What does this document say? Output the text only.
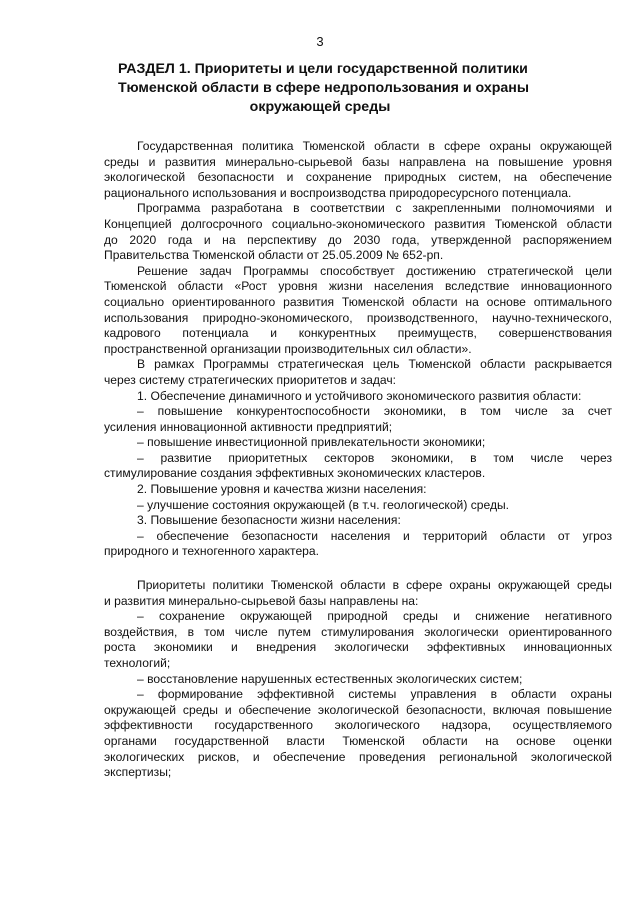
3
РАЗДЕЛ 1. Приоритеты и цели государственной политики
Тюменской области в сфере недропользования и охраны
окружающей среды
Государственная политика Тюменской области в сфере охраны окружающей
среды и развития минерально-сырьевой базы направлена на повышение уровня
экологической безопасности и сохранение природных систем, на обеспечение
рационального использования и воспроизводства природоресурсного потенциала.
Программа разработана в соответствии с закрепленными полномочиями и
Концепцией долгосрочного социально-экономического развития Тюменской области
до 2020 года и на перспективу до 2030 года, утвержденной распоряжением
Правительства Тюменской области от 25.05.2009 № 652-рп.
Решение задач Программы способствует достижению стратегической цели
Тюменской области «Рост уровня жизни населения вследствие инновационного
социально ориентированного развития Тюменской области на основе оптимального
использования природно-экономического, производственного, научно-технического,
кадрового потенциала и конкурентных преимуществ, совершенствования
пространственной организации производительных сил области».
В рамках Программы стратегическая цель Тюменской области раскрывается
через систему стратегических приоритетов и задач:
1. Обеспечение динамичного и устойчивого экономического развития области:
– повышение конкурентоспособности экономики, в том числе за счет
усиления инновационной активности предприятий;
– повышение инвестиционной привлекательности экономики;
– развитие приоритетных секторов экономики, в том числе через
стимулирование создания эффективных экономических кластеров.
2. Повышение уровня и качества жизни населения:
– улучшение состояния окружающей (в т.ч. геологической) среды.
3. Повышение безопасности жизни населения:
– обеспечение безопасности населения и территорий области от угроз
природного и техногенного характера.
Приоритеты политики Тюменской области в сфере охраны окружающей среды
и развития минерально-сырьевой базы направлены на:
– сохранение окружающей природной среды и снижение негативного
воздействия, в том числе путем стимулирования экологически ориентированного
роста экономики и внедрения экологически эффективных инновационных
технологий;
– восстановление нарушенных естественных экологических систем;
– формирование эффективной системы управления в области охраны
окружающей среды и обеспечение экологической безопасности, включая повышение
эффективности государственного экологического надзора, осуществляемого
органами государственной власти Тюменской области на основе оценки
экологических рисков, и обеспечение проведения региональной экологической
экспертизы;
